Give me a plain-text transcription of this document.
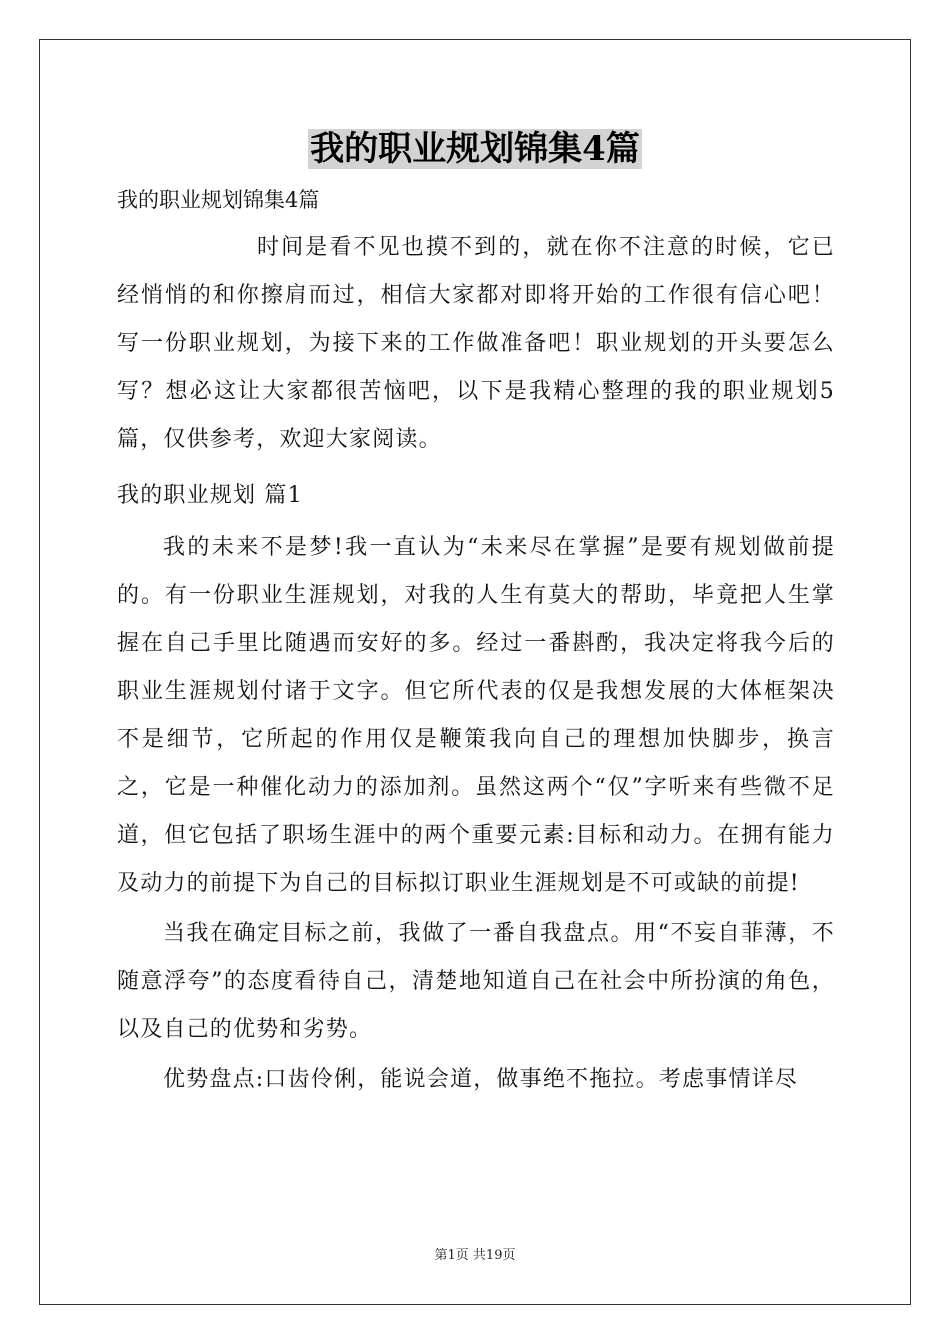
我的职业规划锦集4篇
我的职业规划锦集4篇

时间是看不见也摸不到的，就在你不注意的时候，它已经悄悄的和你擦肩而过，相信大家都对即将开始的工作很有信心吧！写一份职业规划，为接下来的工作做准备吧！职业规划的开头要怎么写？想必这让大家都很苦恼吧，以下是我精心整理的我的职业规划5篇，仅供参考，欢迎大家阅读。

我的职业规划 篇1

我的未来不是梦!我一直认为“未来尽在掌握”是要有规划做前提的。有一份职业生涯规划，对我的人生有莫大的帮助，毕竟把人生掌握在自己手里比随遇而安好的多。经过一番斟酌，我决定将我今后的职业生涯规划付诸于文字。但它所代表的仅是我想发展的大体框架决不是细节，它所起的作用仅是鞭策我向自己的理想加快脚步，换言之，它是一种催化动力的添加剂。虽然这两个“仅”字听来有些微不足道，但它包括了职场生涯中的两个重要元素:目标和动力。在拥有能力及动力的前提下为自己的目标拟订职业生涯规划是不可或缺的前提!

当我在确定目标之前，我做了一番自我盘点。用“不妄自菲薄，不随意浮夸”的态度看待自己，清楚地知道自己在社会中所扮演的角色，以及自己的优势和劣势。

优势盘点:口齿伶俐，能说会道，做事绝不拖拉。考虑事情详尽

第1页 共19页
